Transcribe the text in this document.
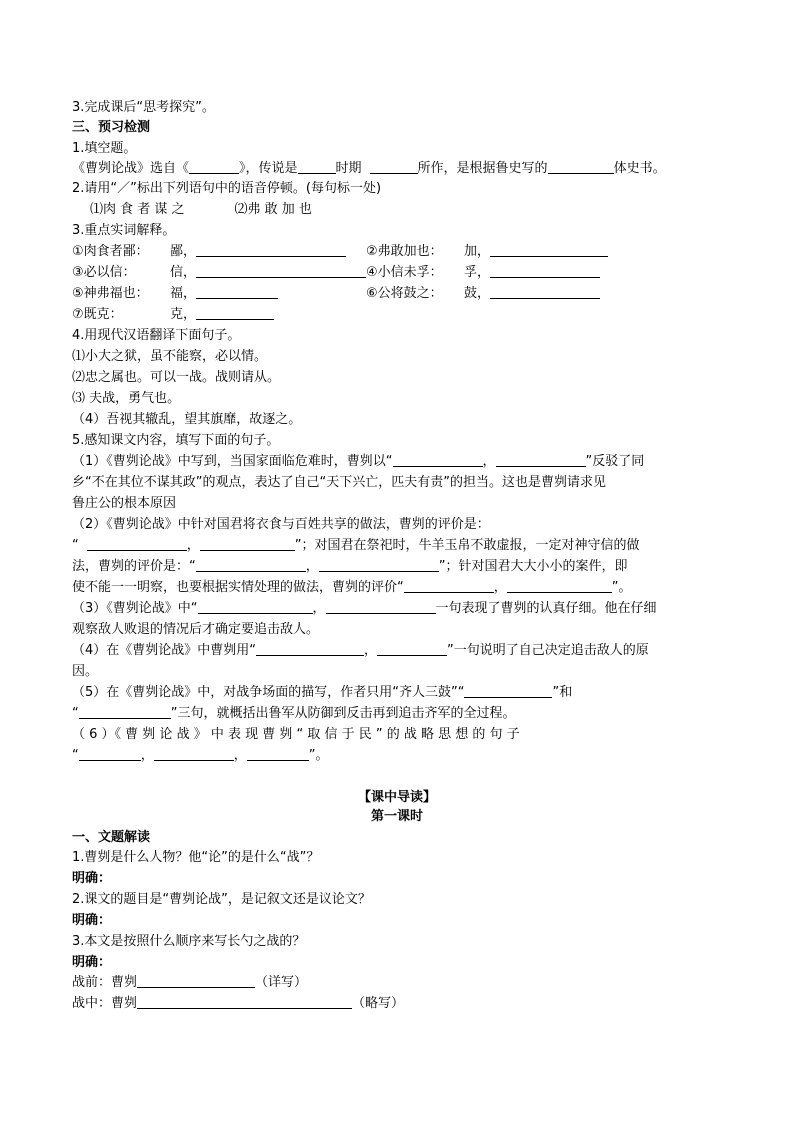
3.完成课后“思考探究”。
三、预习检测
1.填空题。
《曹刿论战》选自《	》，传说是	时期	所作，是根据鲁史写的	体史书。
2.请用“／”标出下列语句中的语音停顿。(每句标一处)
⑴肉 食 者 谋 之	⑵弗 敢 加 也
3.重点实词解释。
①肉食者鄙： 鄙，	②弗敢加也： 加，
③必以信：	信，	④小信未孚： 孚，
⑤神弗福也： 福，	⑥公将鼓之： 鼓，
⑦既克：	克，
4.用现代汉语翻译下面句子。
⑴小大之狱，虽不能察，必以情。
⑵忠之属也。可以一战。战则请从。
⑶ 夫战，勇气也。
（4）吾视其辙乱，望其旗靡，故逐之。
5.感知课文内容，填写下面的句子。
（1）《曹刿论战》中写到，当国家面临危难时，曹刿以“	，	”反驳了同
乡“不在其位不谋其政”的观点，表达了自己“天下兴亡，匹夫有责”的担当。这也是曹刿请求见
鲁庄公的根本原因
（2）《曹刿论战》中针对国君将衣食与百姓共享的做法，曹刿的评价是：
“	，	”；对国君在祭祀时，牛羊玉帛不敢虚报，一定对神守信的做
法，曹刿的评价是：“	，	”；针对国君大大小小的案件，即
使不能一一明察，也要根据实情处理的做法，曹刿的评价“	，	”。
（3）《曹刿论战》中“	，	一句表现了曹刿的认真仔细。他在仔细
观察敌人败退的情况后才确定要追击敌人。
（4）在《曹刿论战》中曹刿用“	，	”一句说明了自己决定追击敌人的原
因。
（5）在《曹刿论战》中，对战争场面的描写，作者只用“齐人三鼓”“	”和
“	”三句，就概括出鲁军从防御到反击再到追击齐军的全过程。
（ 6 ）《 曹 刿 论 战 》 中 表 现 曹 刿 “ 取 信 于 民 ” 的 战 略 思 想 的 句 子
“	，	，	”。
【课中导读】
第一课时
一、文题解读
1.曹刿是什么人物？他“论”的是什么“战”？
明确：
2.课文的题目是“曹刿论战”，是记叙文还是议论文？
明确：
3.本文是按照什么顺序来写长勺之战的？
明确：
战前：曹刿	（详写）
战中：曹刿	（略写）
